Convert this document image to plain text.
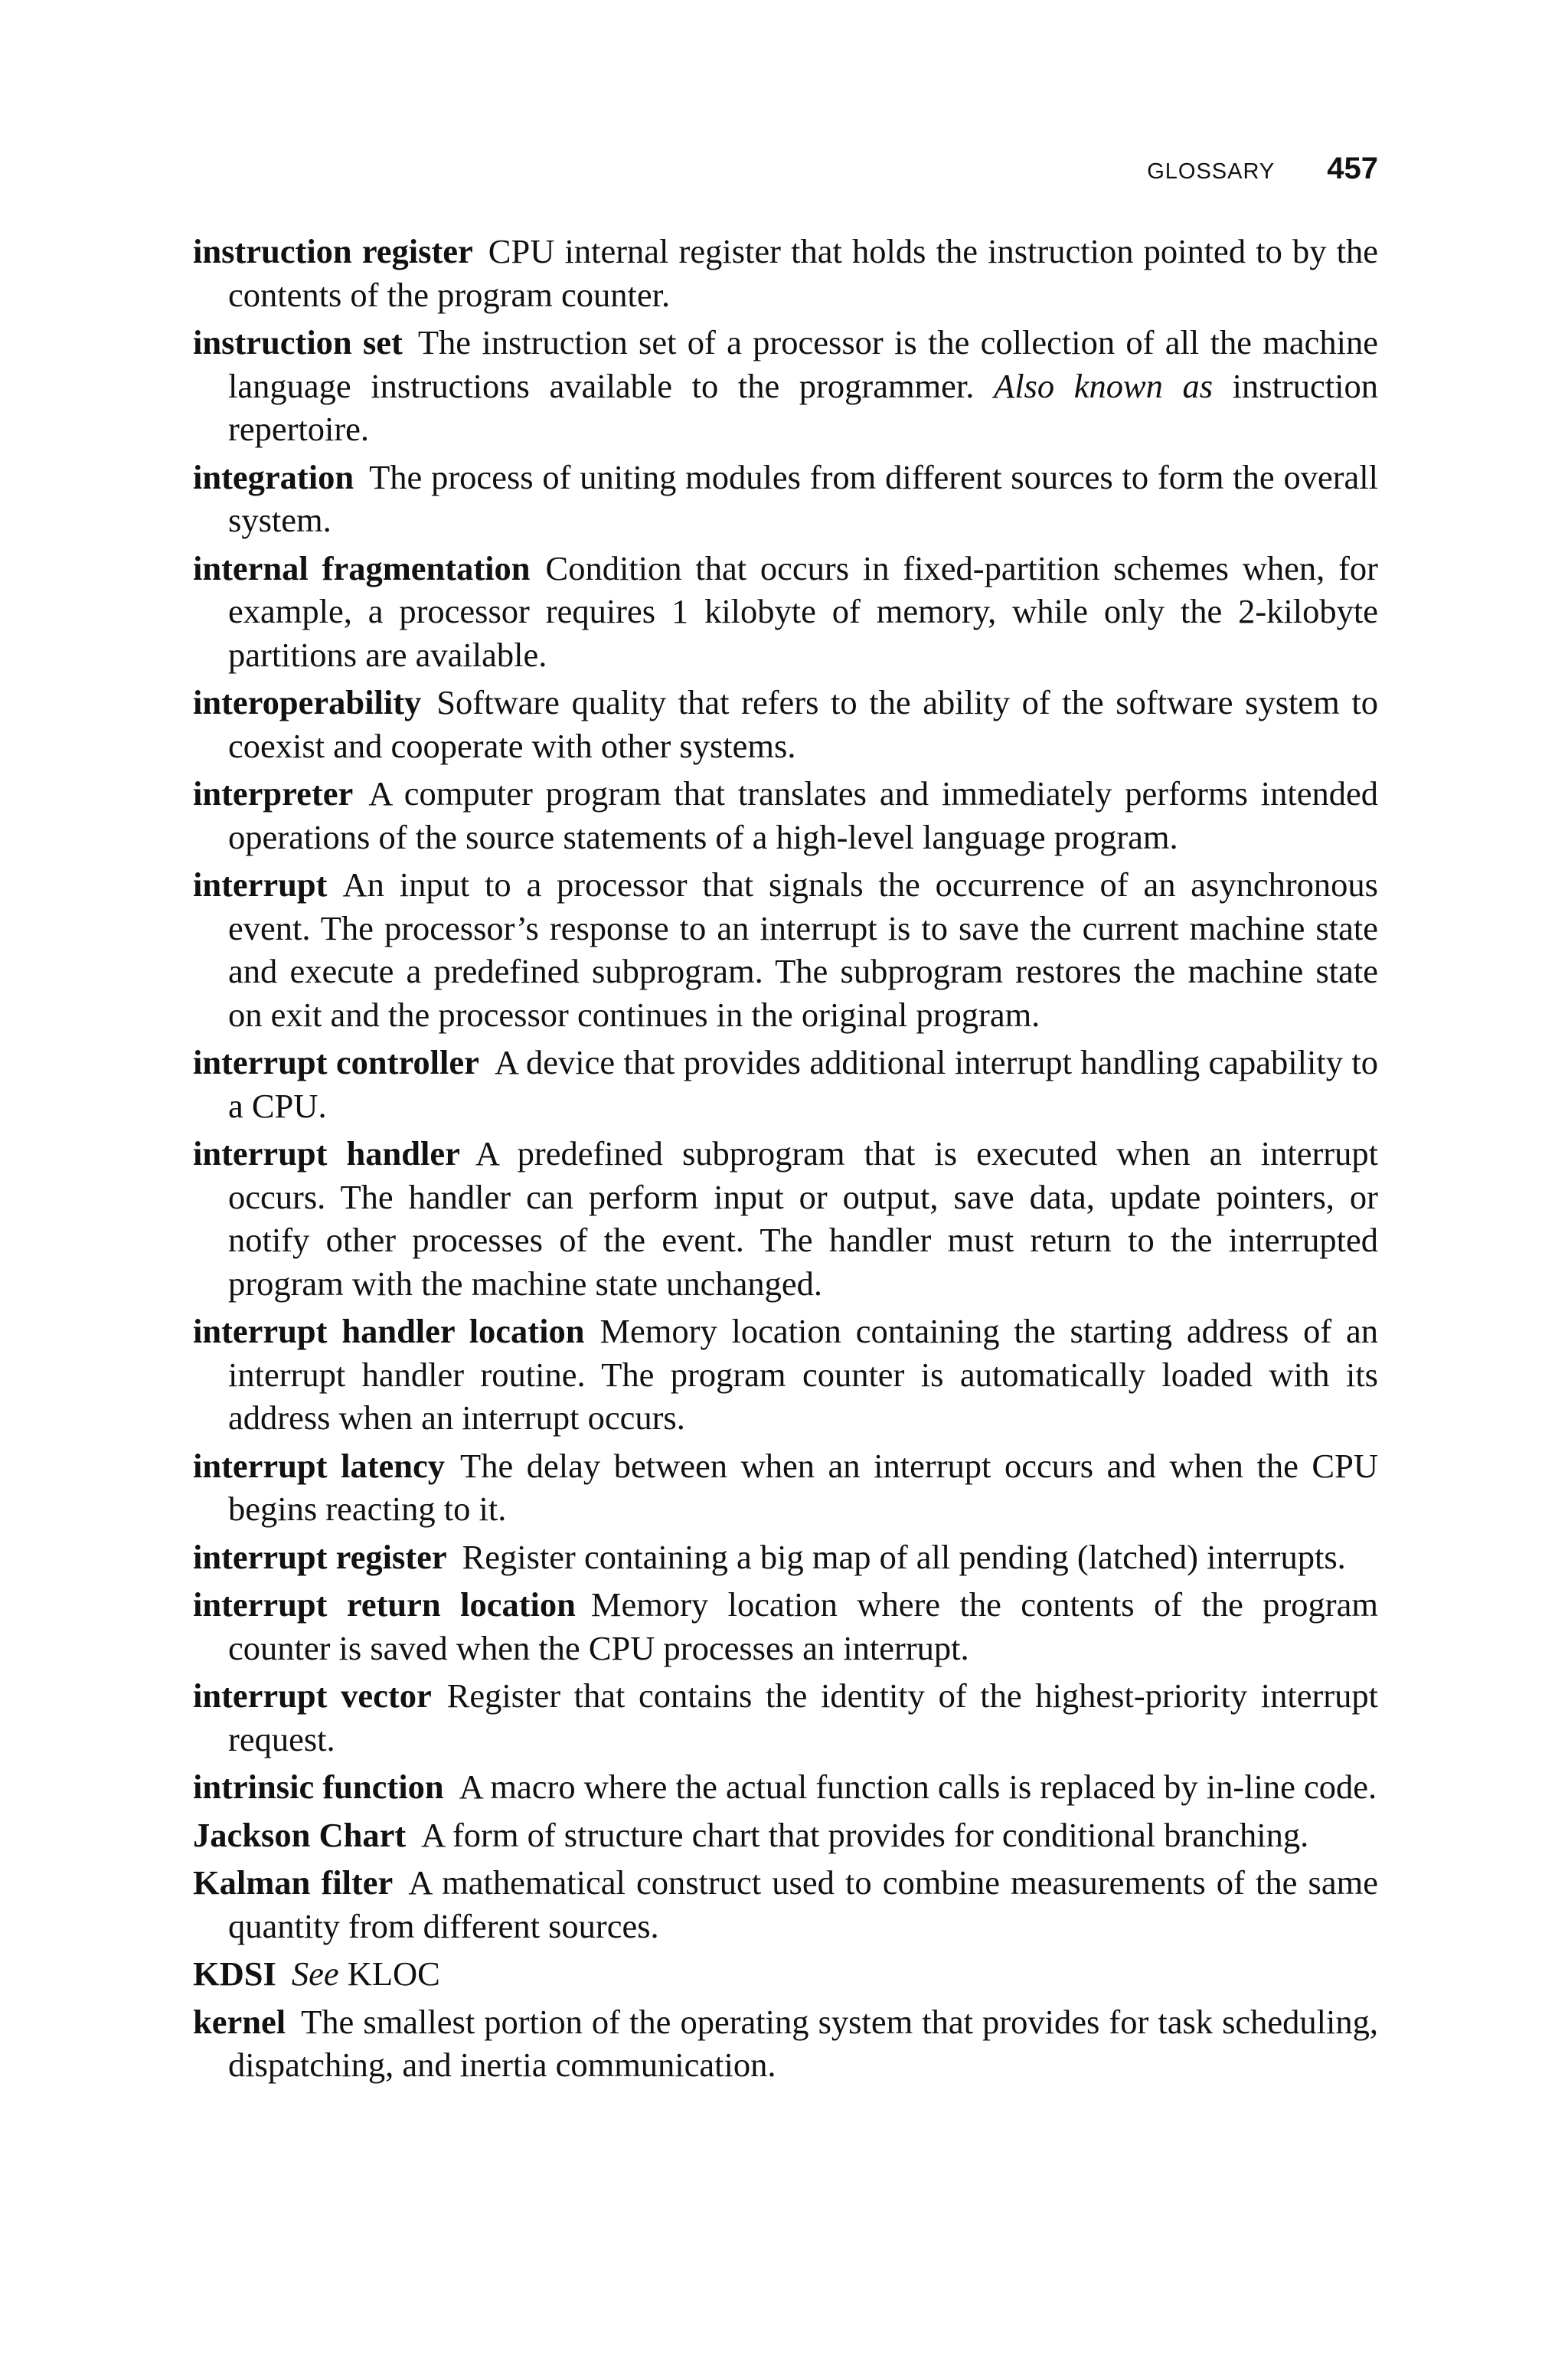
GLOSSARY 457

instruction register CPU internal register that holds the instruction pointed to by the contents of the program counter.

instruction set The instruction set of a processor is the collection of all the machine language instructions available to the programmer. Also known as instruction repertoire.

integration The process of uniting modules from different sources to form the overall system.

internal fragmentation Condition that occurs in fixed-partition schemes when, for example, a processor requires 1 kilobyte of memory, while only the 2-kilobyte partitions are available.

interoperability Software quality that refers to the ability of the software system to coexist and cooperate with other systems.

interpreter A computer program that translates and immediately performs intended operations of the source statements of a high-level language program.

interrupt An input to a processor that signals the occurrence of an asynchronous event. The processor’s response to an interrupt is to save the current machine state and execute a predefined subprogram. The subprogram restores the machine state on exit and the processor continues in the original program.

interrupt controller A device that provides additional interrupt handling capability to a CPU.

interrupt handler A predefined subprogram that is executed when an interrupt occurs. The handler can perform input or output, save data, update pointers, or notify other processes of the event. The handler must return to the interrupted program with the machine state unchanged.

interrupt handler location Memory location containing the starting address of an interrupt handler routine. The program counter is automatically loaded with its address when an interrupt occurs.

interrupt latency The delay between when an interrupt occurs and when the CPU begins reacting to it.

interrupt register Register containing a big map of all pending (latched) interrupts.

interrupt return location Memory location where the contents of the program counter is saved when the CPU processes an interrupt.

interrupt vector Register that contains the identity of the highest-priority interrupt request.

intrinsic function A macro where the actual function calls is replaced by in-line code.

Jackson Chart A form of structure chart that provides for conditional branching.

Kalman filter A mathematical construct used to combine measurements of the same quantity from different sources.

KDSI See KLOC

kernel The smallest portion of the operating system that provides for task scheduling, dispatching, and inertia communication.
